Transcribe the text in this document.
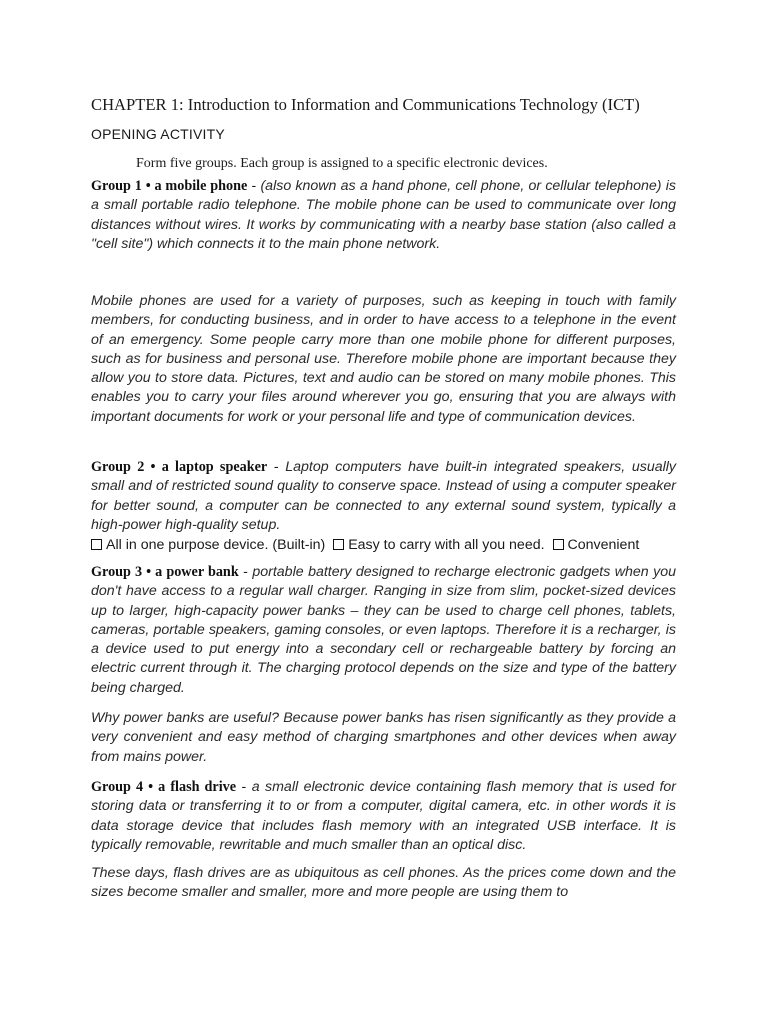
CHAPTER 1: Introduction to Information and Communications Technology (ICT)
OPENING ACTIVITY
Form five groups. Each group is assigned to a specific electronic devices.

Group 1 • a mobile phone - (also known as a hand phone, cell phone, or cellular telephone) is a small portable radio telephone. The mobile phone can be used to communicate over long distances without wires. It works by communicating with a nearby base station (also called a "cell site") which connects it to the main phone network.

Mobile phones are used for a variety of purposes, such as keeping in touch with family members, for conducting business, and in order to have access to a telephone in the event of an emergency. Some people carry more than one mobile phone for different purposes, such as for business and personal use. Therefore mobile phone are important because they allow you to store data. Pictures, text and audio can be stored on many mobile phones. This enables you to carry your files around wherever you go, ensuring that you are always with important documents for work or your personal life and type of communication devices.

Group 2 • a laptop speaker - Laptop computers have built-in integrated speakers, usually small and of restricted sound quality to conserve space. Instead of using a computer speaker for better sound, a computer can be connected to any external sound system, typically a high-power high-quality setup.

All in one purpose device. (Built-in) Easy to carry with all you need. Convenient

Group 3 • a power bank - portable battery designed to recharge electronic gadgets when you don't have access to a regular wall charger. Ranging in size from slim, pocket-sized devices up to larger, high-capacity power banks – they can be used to charge cell phones, tablets, cameras, portable speakers, gaming consoles, or even laptops. Therefore it is a recharger, is a device used to put energy into a secondary cell or rechargeable battery by forcing an electric current through it. The charging protocol depends on the size and type of the battery being charged.

Why power banks are useful? Because power banks has risen significantly as they provide a very convenient and easy method of charging smartphones and other devices when away from mains power.

Group 4 • a flash drive - a small electronic device containing flash memory that is used for storing data or transferring it to or from a computer, digital camera, etc. in other words it is data storage device that includes flash memory with an integrated USB interface. It is typically removable, rewritable and much smaller than an optical disc.

These days, flash drives are as ubiquitous as cell phones. As the prices come down and the sizes become smaller and smaller, more and more people are using them to
